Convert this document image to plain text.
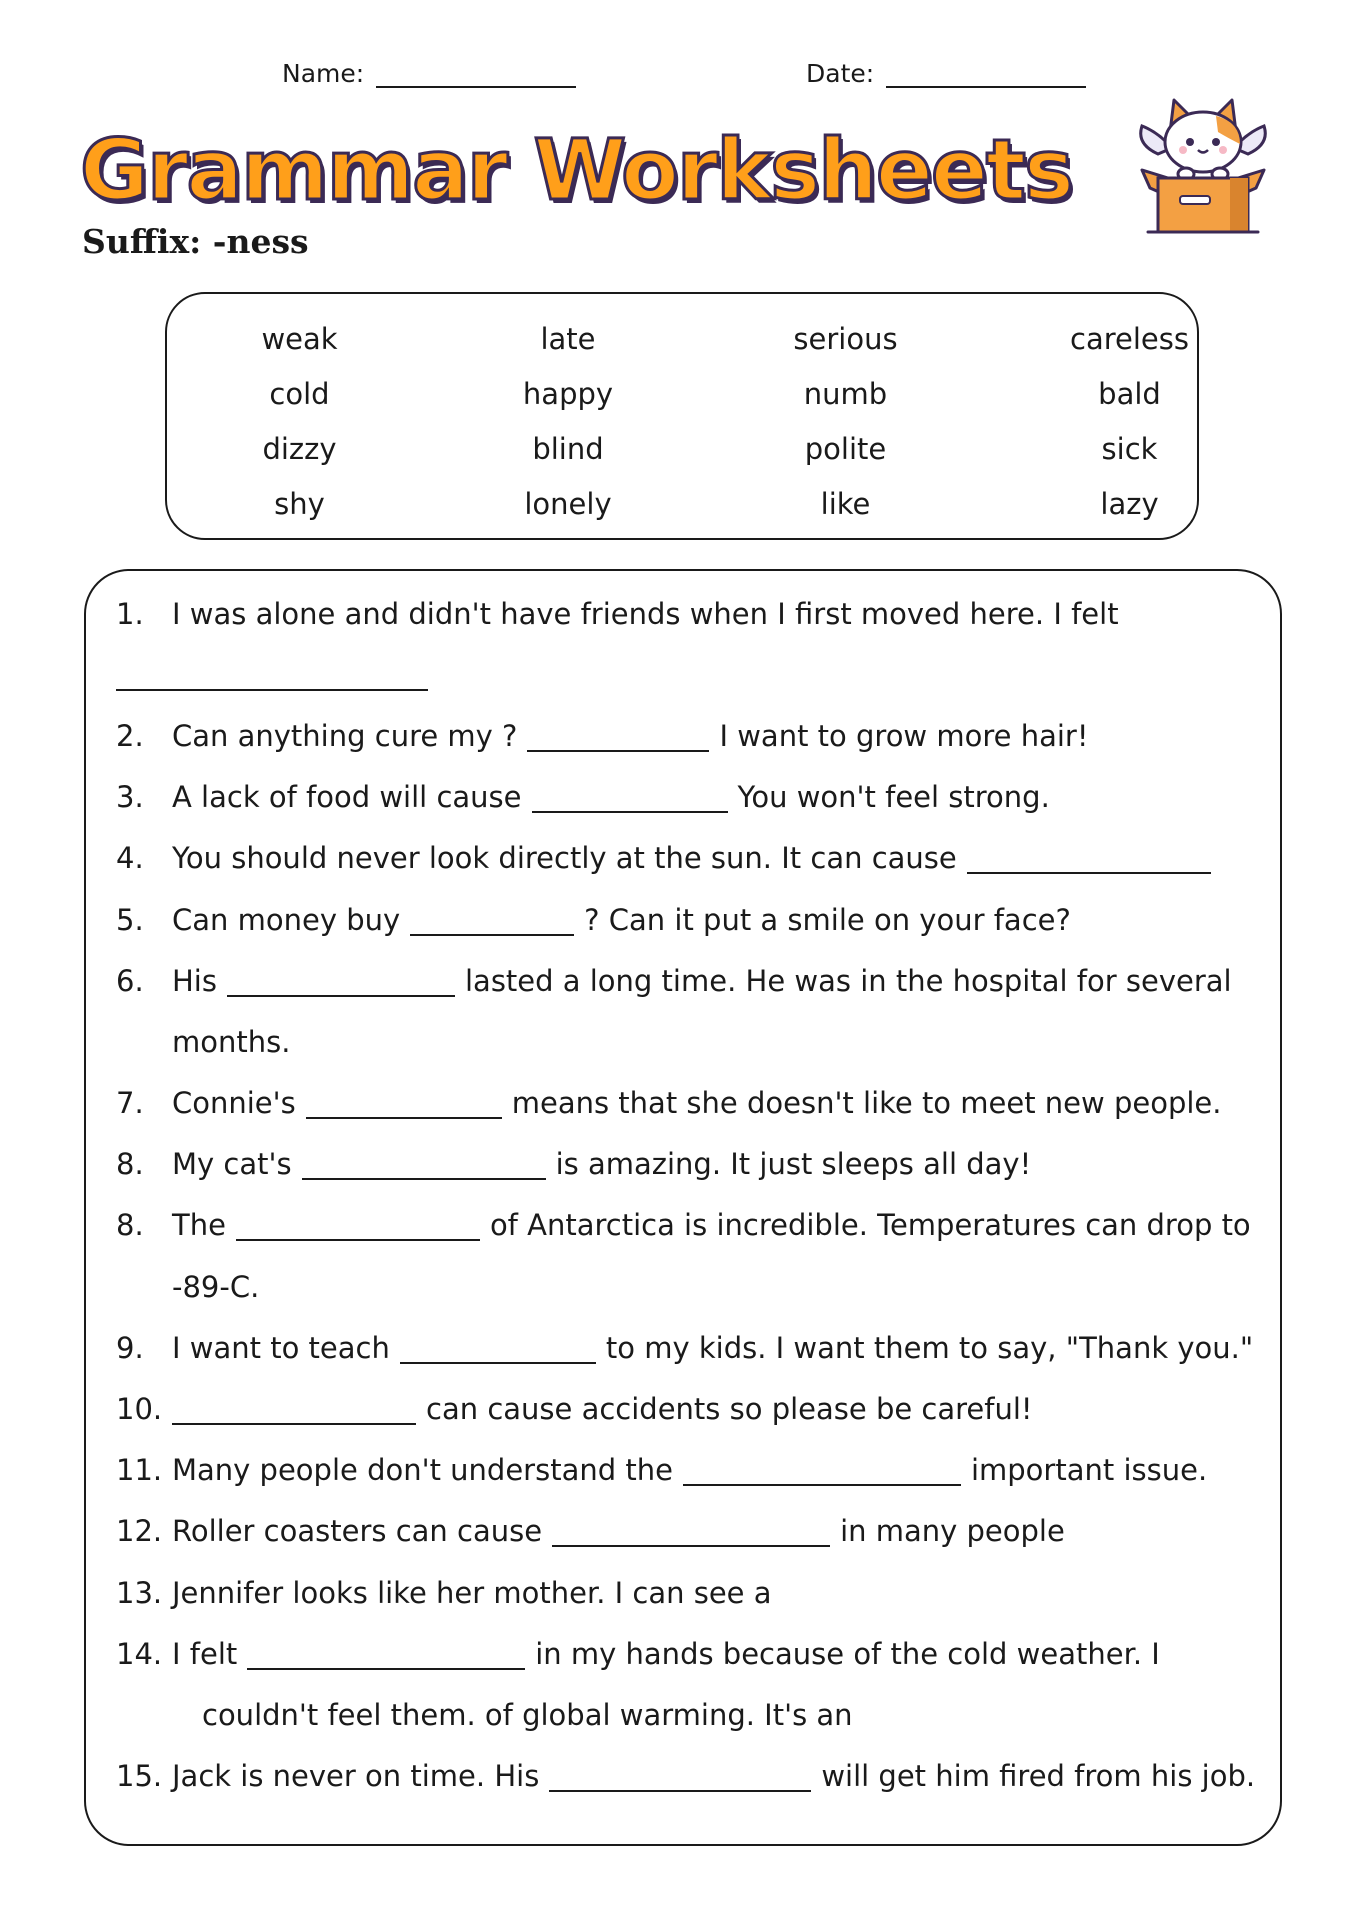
Name:	Date:
Grammar Worksheets
Suffix: -ness
weak	late	serious	careless
cold	happy	numb	bald
dizzy	blind	polite	sick
shy	lonely	like	lazy
1. I was alone and didn't have friends when I first moved here. I felt
2. Can anything cure my ?	I want to grow more hair!
3. A lack of food will cause	You won't feel strong.
4. You should never look directly at the sun. It can cause
5. Can money buy	? Can it put a smile on your face?
6. His	lasted a long time. He was in the hospital for several
months.
7. Connie's	means that she doesn't like to meet new people.
8. My cat's	is amazing. It just sleeps all day!
8. The	of Antarctica is incredible. Temperatures can drop to
-89-C.
9. I want to teach	to my kids. I want them to say, "Thank you."
10.	can cause accidents so please be careful!
11. Many people don't understand the	important issue.
12. Roller coasters can cause	in many people
13. Jennifer looks like her mother. I can see a
14. I felt	in my hands because of the cold weather. I
couldn't feel them. of global warming. It's an
15. Jack is never on time. His	will get him fired from his job.
